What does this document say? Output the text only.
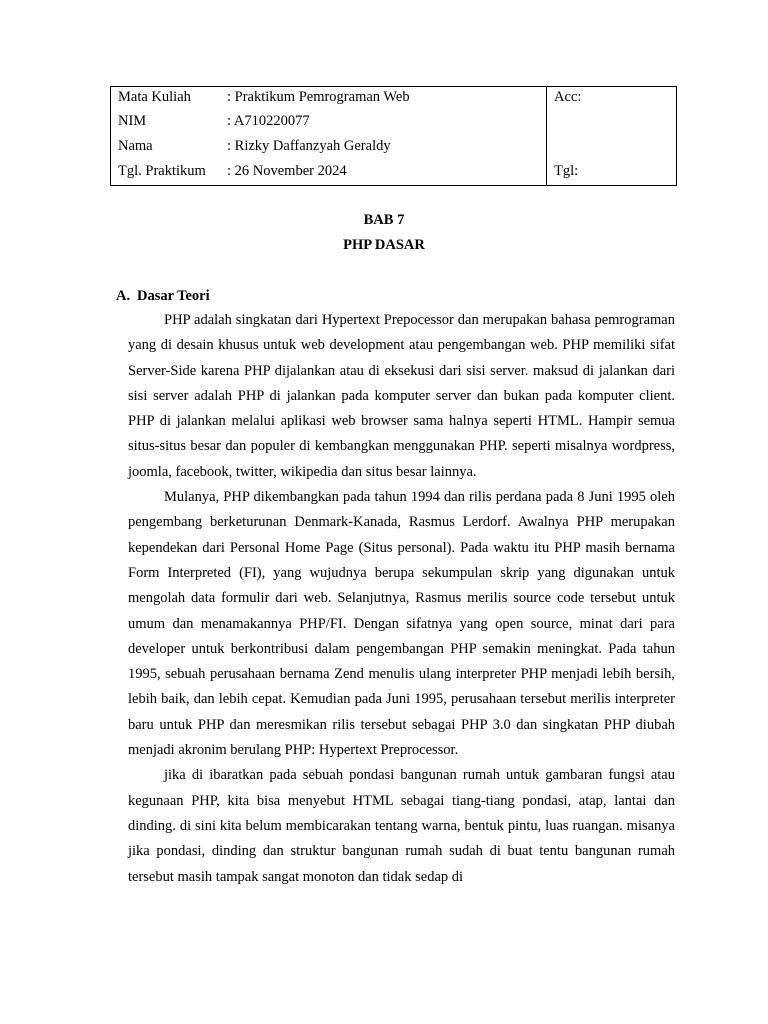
Mata Kuliah : Praktikum Pemrograman Web
NIM	: A710220077
Nama	: Rizky Daffanzyah Geraldy
Tgl. Praktikum : 26 November 2024
Acc:
Tgl:
BAB 7
PHP DASAR
A. Dasar Teori

PHP adalah singkatan dari Hypertext Prepocessor dan merupakan bahasa pemrograman yang di desain khusus untuk web development atau pengembangan web. PHP memiliki sifat Server-Side karena PHP dijalankan atau di eksekusi dari sisi server. maksud di jalankan dari sisi server adalah PHP di jalankan pada komputer server dan bukan pada komputer client. PHP di jalankan melalui aplikasi web browser sama halnya seperti HTML. Hampir semua situs-situs besar dan populer di kembangkan menggunakan PHP. seperti misalnya wordpress, joomla, facebook, twitter, wikipedia dan situs besar lainnya.

Mulanya, PHP dikembangkan pada tahun 1994 dan rilis perdana pada 8 Juni 1995 oleh pengembang berketurunan Denmark-Kanada, Rasmus Lerdorf. Awalnya PHP merupakan kependekan dari Personal Home Page (Situs personal). Pada waktu itu PHP masih bernama Form Interpreted (FI), yang wujudnya berupa sekumpulan skrip yang digunakan untuk mengolah data formulir dari web. Selanjutnya, Rasmus merilis source code tersebut untuk umum dan menamakannya PHP/FI. Dengan sifatnya yang open source, minat dari para developer untuk berkontribusi dalam pengembangan PHP semakin meningkat. Pada tahun 1995, sebuah perusahaan bernama Zend menulis ulang interpreter PHP menjadi lebih bersih, lebih baik, dan lebih cepat. Kemudian pada Juni 1995, perusahaan tersebut merilis interpreter baru untuk PHP dan meresmikan rilis tersebut sebagai PHP 3.0 dan singkatan PHP diubah menjadi akronim berulang PHP: Hypertext Preprocessor.

jika di ibaratkan pada sebuah pondasi bangunan rumah untuk gambaran fungsi atau kegunaan PHP, kita bisa menyebut HTML sebagai tiang-tiang pondasi, atap, lantai dan dinding. di sini kita belum membicarakan tentang warna, bentuk pintu, luas ruangan. misanya jika pondasi, dinding dan struktur bangunan rumah sudah di buat tentu bangunan rumah tersebut masih tampak sangat monoton dan tidak sedap di
